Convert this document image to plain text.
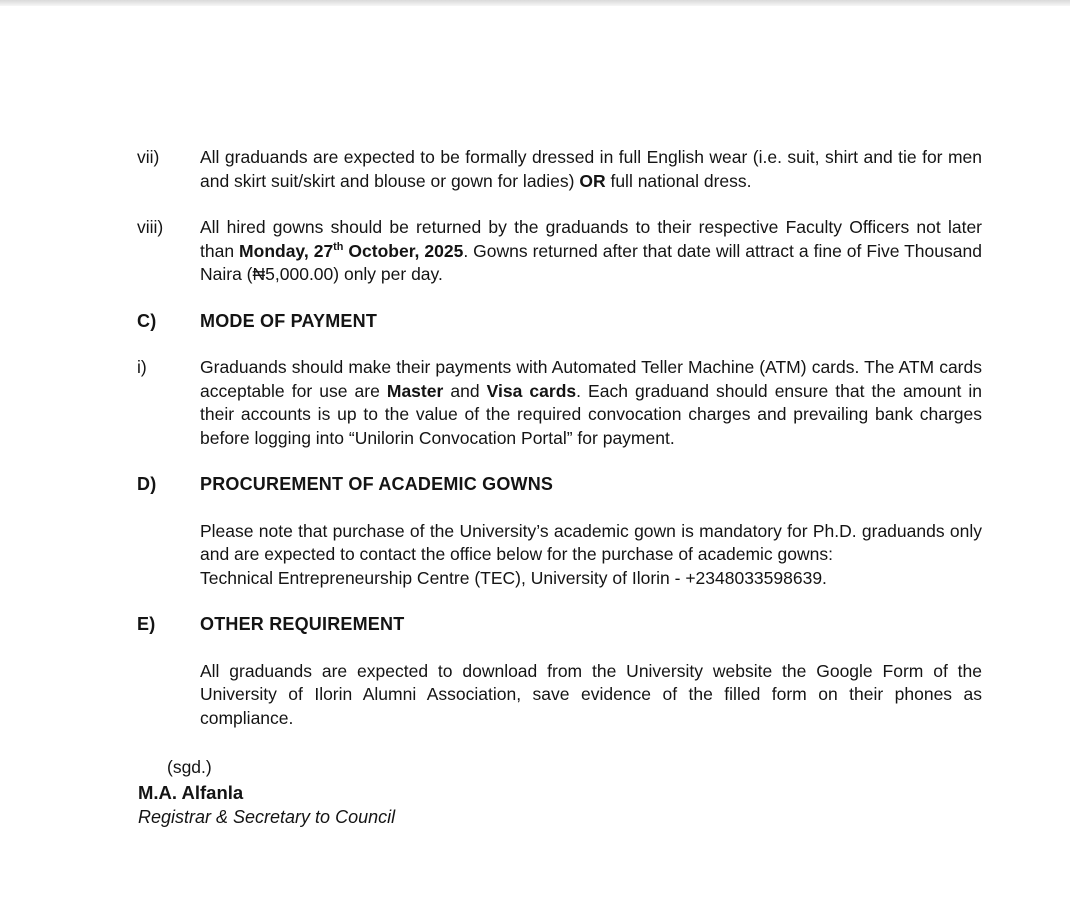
vii)	All graduands are expected to be formally dressed in full English wear (i.e. suit, shirt and tie for men and skirt suit/skirt and blouse or gown for ladies) OR full national dress.
viii)	All hired gowns should be returned by the graduands to their respective Faculty Officers not later than Monday, 27th October, 2025. Gowns returned after that date will attract a fine of Five Thousand Naira (₦5,000.00) only per day.
C)	MODE OF PAYMENT
i)	Graduands should make their payments with Automated Teller Machine (ATM) cards. The ATM cards acceptable for use are Master and Visa cards. Each graduand should ensure that the amount in their accounts is up to the value of the required convocation charges and prevailing bank charges before logging into “Unilorin Convocation Portal” for payment.
D)	PROCUREMENT OF ACADEMIC GOWNS
Please note that purchase of the University’s academic gown is mandatory for Ph.D. graduands only and are expected to contact the office below for the purchase of academic gowns:
Technical Entrepreneurship Centre (TEC), University of Ilorin - +2348033598639.
E)	OTHER REQUIREMENT
All graduands are expected to download from the University website the Google Form of the University of Ilorin Alumni Association, save evidence of the filled form on their phones as compliance.
(sgd.)
M.A. Alfanla
Registrar & Secretary to Council
